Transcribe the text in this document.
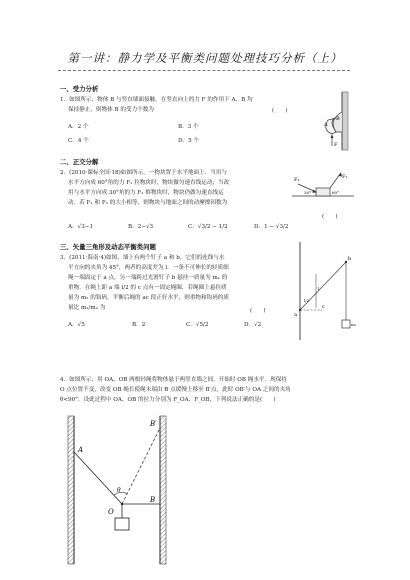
第一讲：静力学及平衡类问题处理技巧分析（上）
一、受力分析
1．如图所示，物体 B 与竖直墙面接触，在竖直向上的力 F 的作用下 A、B 均
保持静止，则物体 B 的受力个数为	(　　)
A．2 个	B．3 个
C．4 个	D．5 个
A
B
F
二、正交分解
2．(2010·课标全国·18)如图所示，一物块置于水平地面上．当用与
水平方向成 60°角的力 F₁ 拉物块时，物块做匀速直线运动；当改
用与水平方向成 30°角的力 F₂ 推物块时，物块仍做匀速直线运
动．若 F₁ 和 F₂ 的大小相等，则物块与地面之间的动摩擦因数为
(　　)
A．√3−1	B．2−√3	C．√3/2 − 1/2	D．1 − √3/2
F₁
F₂
60°
30°
三、矢量三角形及动态平衡类问题
3．(2011·海南·4)如图，墙上有两个钉子 a 和 b，它们的连线与水
平方向的夹角为 45°，两者的高度差为 l．一条不可伸长的轻质细
绳一端固定于 a 点，另一端跨过光滑钉子 b 悬挂一质量为 m₁ 的
重物．在绳上距 a 端 l/2 的 c 点有一固定绳圈．若绳圈上悬挂质
量为 m₂ 的钩码，平衡后绳的 ac 段正好水平，则重物和钩码的质
量比 m₁/m₂ 为	(　　)
A．√5	B．2	C．√5/2	D．√2
a
b
c
l/2
l
m₁
4．如图所示，用 OA、OB 两根轻绳将物体悬于两竖直墙之间，开始时 OB 绳水平．现保持
O 点位置不变，改变 OB 绳长使绳末端由 B 点缓慢上移至 B′点，此时 OB′与 OA 之间的夹角
θ<90°．设此过程中 OA、OB 的拉力分别为 F_OA、F_OB，下列说法正确的是(　　)
A
B
B′
O
θ
